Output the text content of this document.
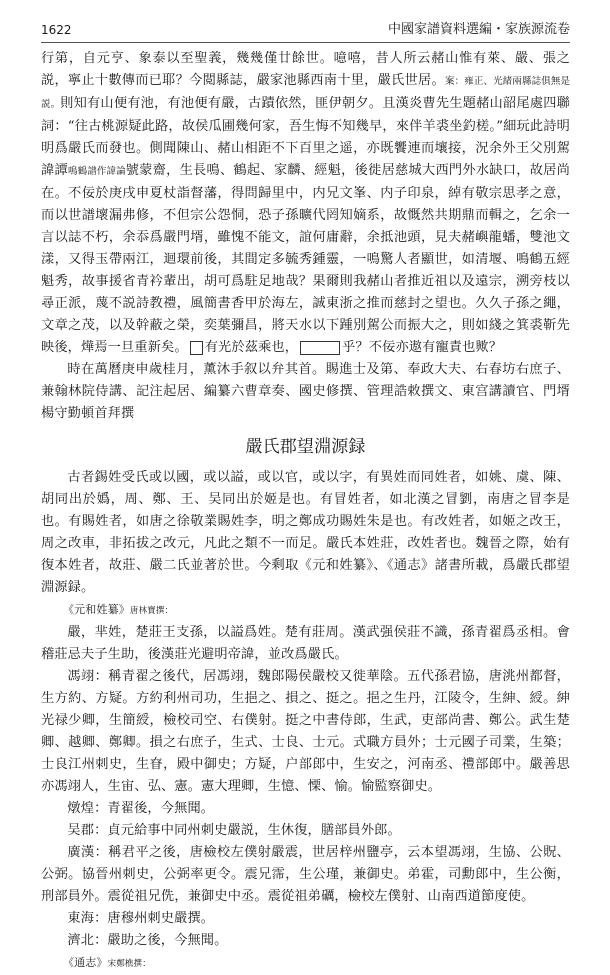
1622	中國家譜資料選編・家族源流卷

行第，自元亨、象泰以至聖義，幾幾僅廿餘世。噫嘻，昔人所云赭山惟有萊、嚴、張之説，寧止十數傳而已耶？今閲縣誌，嚴家池縣西南十里，嚴氏世居。案：雍正、光緒兩縣誌俱無是説。則知有山便有池，有池便有嚴，古蹟依然，匪伊朝夕。且漢炎曹先生題赭山韶尾處四聯詞：“往古桃源疑此路，故侯瓜圃幾何家，吾生悔不知幾早，來伴羊裘坐釣槎。”細玩此詩明明爲嚴氏而發也。側聞陳山、赭山相距不下百里之遥，亦既饗連而壤接，況余外王父別駕諱譚鳴鶴譜作諱論號蒙齋，生長鳴、鶴起、家麟、經魁，後徙居慈城大西門外水缺口，故居尚在。不佞於庚戌申夏杖詣督藩，得問歸里中，内兄文峯、内子印泉，綽有敬宗思孝之意，而以世譜壞漏弗修，不但宗公怨恫，恐子孫曠代罔知嫡系，故慨然共期鼎而輯之，乞余一言以誌不朽，余忝爲嚴門壻，雖愧不能文，誼何庸辭，余抵池頭，見夫赭嶼龍蟠，雙池文漾，又得玉帶兩江，迴環前後，其間定多毓秀鍾靈，一鳴驚人者顯世，如清堰、鳴鶴五經魁秀，故事援省青衿輩出，胡可爲駐足地哉？果爾則我赭山者推近祖以及遠宗，溯旁枝以尋正派，蔑不説詩教禮，風簡書香甲於海左，誠東浙之推而慈封之望也。久久子孫之繩，文章之茂，以及幹蔽之榮，奕葉彌昌，將天水以下踵別駕公而振大之，則如綫之箕裘靳先映後，燁焉一旦重新矣。 有光於茲乘也，	乎？不佞亦遨有寵責也歟？

時在萬曆庚申歲桂月，薰沐手叙以弁其首。賜進士及第、奉政大夫、右春坊右庶子、兼翰林院侍講、記注起居、編纂六曹章奏、國史修撰、管理誥敕撰文、東宫講讀官、門壻楊守勤頓首拜撰

嚴氏郡望淵源録

古者錫姓受氏或以國，或以謚，或以官，或以字，有異姓而同姓者，如姚、虞、陳、胡同出於嬀，周、鄭、王、吴同出於姬是也。有冒姓者，如北漢之冒劉，南唐之冒李是也。有賜姓者，如唐之徐敬業賜姓李，明之鄭成功賜姓朱是也。有改姓者，如姬之改王，周之改車，非拓拔之改元，凡此之類不一而足。嚴氏本姓莊，改姓者也。魏晉之際，始有復本姓者，故莊、嚴二氏並著於世。今剩取《元和姓纂》、《通志》諸書所載，爲嚴氏郡望淵源録。

《元和姓纂》唐林寶撰：

嚴，芈姓，楚莊王支孫，以謚爲姓。楚有莊周。漢武强侯莊不識，孫青翟爲丞相。會稽莊忌夫子生助，後漢莊光避明帝諱，並改爲嚴氏。

馮翊：稱青翟之後代，居馮翊，魏郎陽侯嚴校又徙華陰。五代孫君協，唐洮州都督，生方約、方疑。方約利州司功，生挹之、損之、挺之。挹之生丹，江陵令，生紳、綬。紳光禄少卿，生簡綬，檢校司空、右僕射。挺之中書侍郎，生武，吏部尚書、鄭公。武生楚卿、越卿、鄭卿。損之右庶子，生式、士良、士元。式職方員外；士元國子司業，生築；士良江州刺史，生眘，殿中御史；方疑，户部郎中，生安之，河南丞、禮部郎中。嚴善思亦馮翊人，生宙、弘、憲。憲大理卿，生憶、慄、愉。愉監察御史。

燉煌：青翟後，今無聞。

吴郡：貞元給事中同州刺史嚴説，生休復，膳部員外郎。

廣漢：稱君平之後，唐檢校左僕射嚴震，世居梓州鹽亭，云本望馮翊，生協、公貺、公弼。協晉州刺史，公弼率更令。震兄霈，生公瑾，兼御史。弟霍，司勳郎中，生公衡，刑部員外。震從祖兄侁，兼御史中丞。震從祖弟礪，檢校左僕射、山南西道節度使。

東海：唐穆州刺史嚴撰。

濟北：嚴助之後，今無聞。

《通志》宋鄭樵撰：
